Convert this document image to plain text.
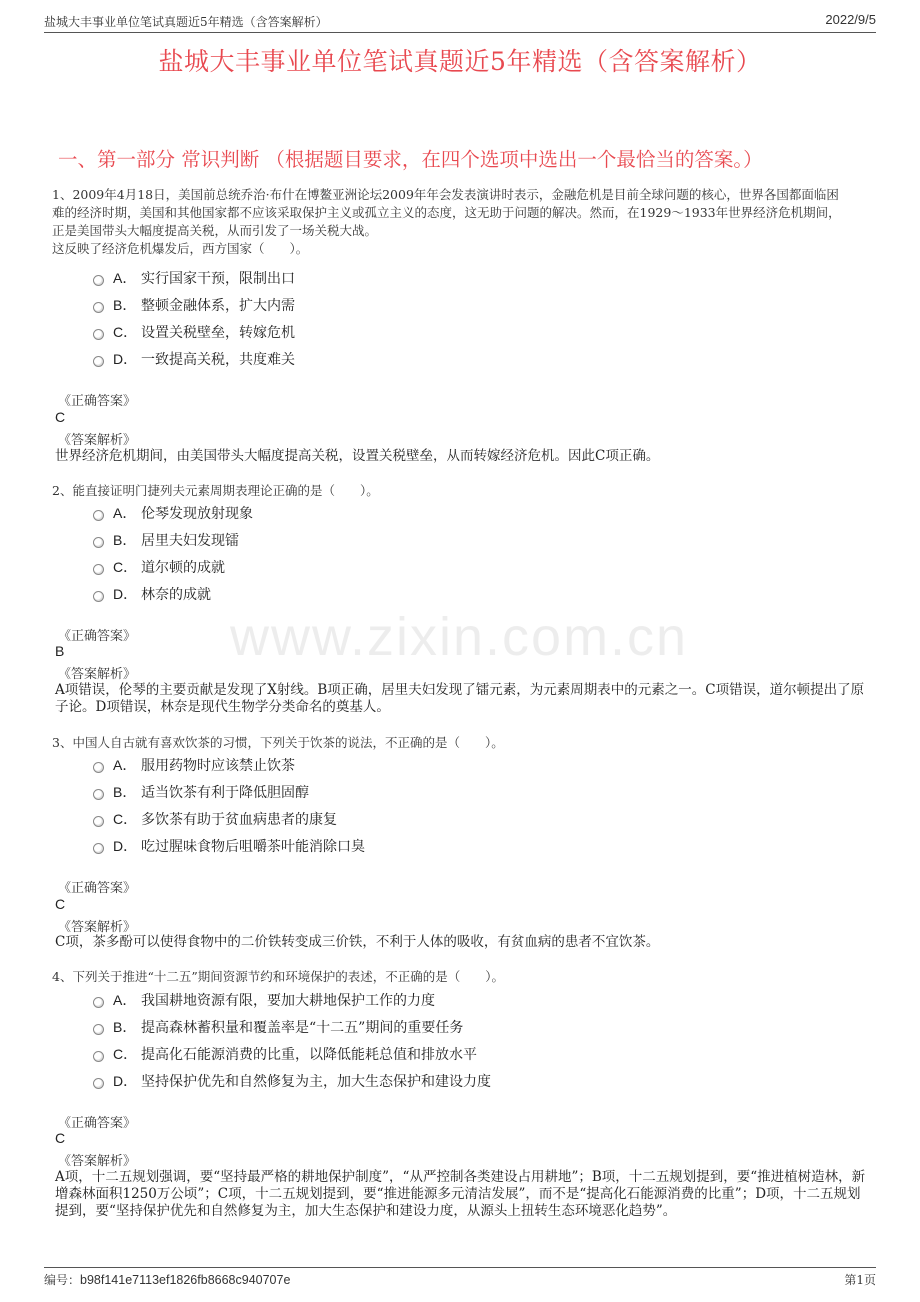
盐城大丰事业单位笔试真题近5年精选（含答案解析）	2022/9/5
盐城大丰事业单位笔试真题近5年精选（含答案解析）
一、第一部分 常识判断 （根据题目要求，在四个选项中选出一个最恰当的答案。）
www.zixin.com.cn
1、2009年4月18日，美国前总统乔治·布什在博鳌亚洲论坛2009年年会发表演讲时表示，金融危机是目前全球问题的核心，世界各国都面临困
难的经济时期，美国和其他国家都不应该采取保护主义或孤立主义的态度，这无助于问题的解决。然而，在1929～1933年世界经济危机期间，
正是美国带头大幅度提高关税，从而引发了一场关税大战。
这反映了经济危机爆发后，西方国家（　　）。
A． 实行国家干预，限制出口
B． 整顿金融体系，扩大内需
C． 设置关税壁垒，转嫁危机
D． 一致提高关税，共度难关
《正确答案》
C
《答案解析》
世界经济危机期间，由美国带头大幅度提高关税，设置关税壁垒，从而转嫁经济危机。因此C项正确。
2、能直接证明门捷列夫元素周期表理论正确的是（　　）。
A． 伦琴发现放射现象
B． 居里夫妇发现镭
C． 道尔顿的成就
D． 林奈的成就
《正确答案》
B
《答案解析》
A项错误，伦琴的主要贡献是发现了X射线。B项正确，居里夫妇发现了镭元素，为元素周期表中的元素之一。C项错误，道尔顿提出了原子论。D项错误，林奈是现代生物学分类命名的奠基人。
3、中国人自古就有喜欢饮茶的习惯，下列关于饮茶的说法，不正确的是（　　）。
A． 服用药物时应该禁止饮茶
B． 适当饮茶有利于降低胆固醇
C． 多饮茶有助于贫血病患者的康复
D． 吃过腥味食物后咀嚼茶叶能消除口臭
《正确答案》
C
《答案解析》
C项，茶多酚可以使得食物中的二价铁转变成三价铁，不利于人体的吸收，有贫血病的患者不宜饮茶。
4、下列关于推进“十二五”期间资源节约和环境保护的表述，不正确的是（　　）。
A． 我国耕地资源有限，要加大耕地保护工作的力度
B． 提高森林蓄积量和覆盖率是“十二五”期间的重要任务
C． 提高化石能源消费的比重，以降低能耗总值和排放水平
D． 坚持保护优先和自然修复为主，加大生态保护和建设力度
《正确答案》
C
《答案解析》
A项，十二五规划强调，要“坚持最严格的耕地保护制度”，“从严控制各类建设占用耕地”；B项，十二五规划提到，要“推进植树造林，新增森林面积1250万公顷”；C项，十二五规划提到，要“推进能源多元清洁发展”，而不是“提高化石能源消费的比重”；D项，十二五规划提到，要“坚持保护优先和自然修复为主，加大生态保护和建设力度，从源头上扭转生态环境恶化趋势”。
编号：b98f141e7113ef1826fb8668c940707e	第1页
